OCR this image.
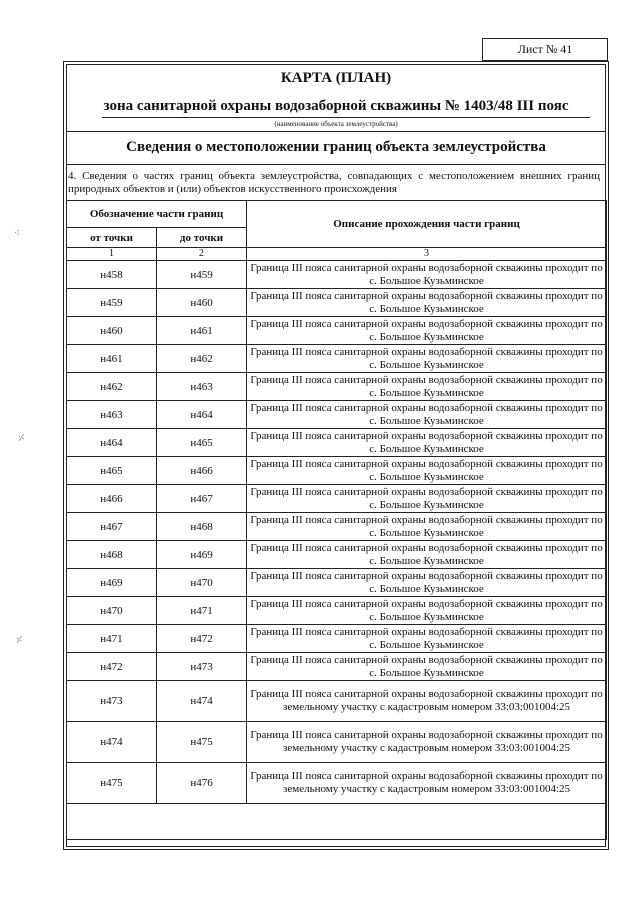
Лист № 41
КАРТА (ПЛАН)
зона санитарной охраны водозаборной скважины № 1403/48 III пояс
(наименование объекта землеустройства)
Сведения о местоположении границ объекта землеустройства
4. Сведения о частях границ объекта землеустройства, совпадающих с местоположением внешних границ природных объектов и (или) объектов искусственного происхождения
Обозначение части границ		Описание прохождения части границ
от точки	до точки	
1	2	3
н458	н459	Граница III пояса санитарной охраны водозаборной скважины проходит по с. Большое Кузьминское
н459	н460	Граница III пояса санитарной охраны водозаборной скважины проходит по с. Большое Кузьминское
н460	н461	Граница III пояса санитарной охраны водозаборной скважины проходит по с. Большое Кузьминское
н461	н462	Граница III пояса санитарной охраны водозаборной скважины проходит по с. Большое Кузьминское
н462	н463	Граница III пояса санитарной охраны водозаборной скважины проходит по с. Большое Кузьминское
н463	н464	Граница III пояса санитарной охраны водозаборной скважины проходит по с. Большое Кузьминское
н464	н465	Граница III пояса санитарной охраны водозаборной скважины проходит по с. Большое Кузьминское
н465	н466	Граница III пояса санитарной охраны водозаборной скважины проходит по с. Большое Кузьминское
н466	н467	Граница III пояса санитарной охраны водозаборной скважины проходит по с. Большое Кузьминское
н467	н468	Граница III пояса санитарной охраны водозаборной скважины проходит по с. Большое Кузьминское
н468	н469	Граница III пояса санитарной охраны водозаборной скважины проходит по с. Большое Кузьминское
н469	н470	Граница III пояса санитарной охраны водозаборной скважины проходит по с. Большое Кузьминское
н470	н471	Граница III пояса санитарной охраны водозаборной скважины проходит по с. Большое Кузьминское
н471	н472	Граница III пояса санитарной охраны водозаборной скважины проходит по с. Большое Кузьминское
н472	н473	Граница III пояса санитарной охраны водозаборной скважины проходит по с. Большое Кузьминское
н473	н474	Граница III пояса санитарной охраны водозаборной скважины проходит по земельному участку с кадастровым номером 33:03:001004:25
н474	н475	Граница III пояса санитарной охраны водозаборной скважины проходит по земельному участку с кадастровым номером 33:03:001004:25
н475	н476	Граница III пояса санитарной охраны водозаборной скважины проходит по земельному участку с кадастровым номером 33:03:001004:25

⁖
⸓
⸓
